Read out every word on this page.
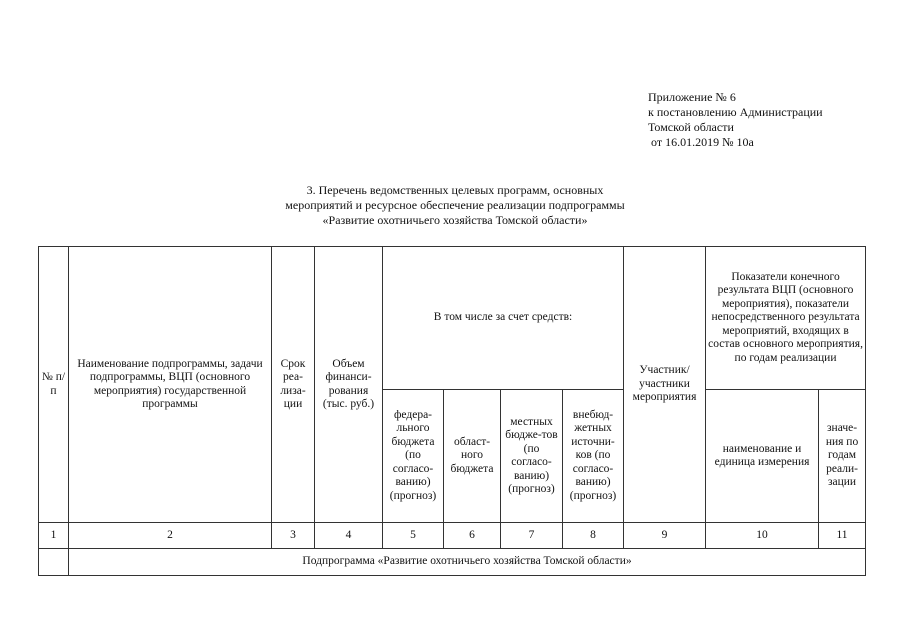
Приложение № 6
к постановлению Администрации
Томской области
от 16.01.2019 № 10а
3. Перечень ведомственных целевых программ, основных
мероприятий и ресурсное обеспечение реализации подпрограммы
«Развитие охотничьего хозяйства Томской области»
№ п/п	Наименование подпрограммы, задачи подпрограммы, ВЦП (основного мероприятия) государственной программы	Срок реа-лиза-ции	Объем финанси-рования (тыс. руб.)	В том числе за счет средств:				Участник/ участники мероприятия	Показатели конечного результата ВЦП (основного мероприятия), показатели непосредственного результата мероприятий, входящих в состав основного мероприятия, по годам реализации	
				федера-льного бюджета (по согласо-ванию) (прогноз)	област-ного бюджета	местных бюдже-тов (по согласо-ванию) (прогноз)	внебюд-жетных источни-ков (по согласо-ванию) (прогноз)		наименование и единица измерения	значе-ния по годам реали-зации
1	2	3	4	5	6	7	8	9	10	11
	Подпрограмма «Развитие охотничьего хозяйства Томской области»									
